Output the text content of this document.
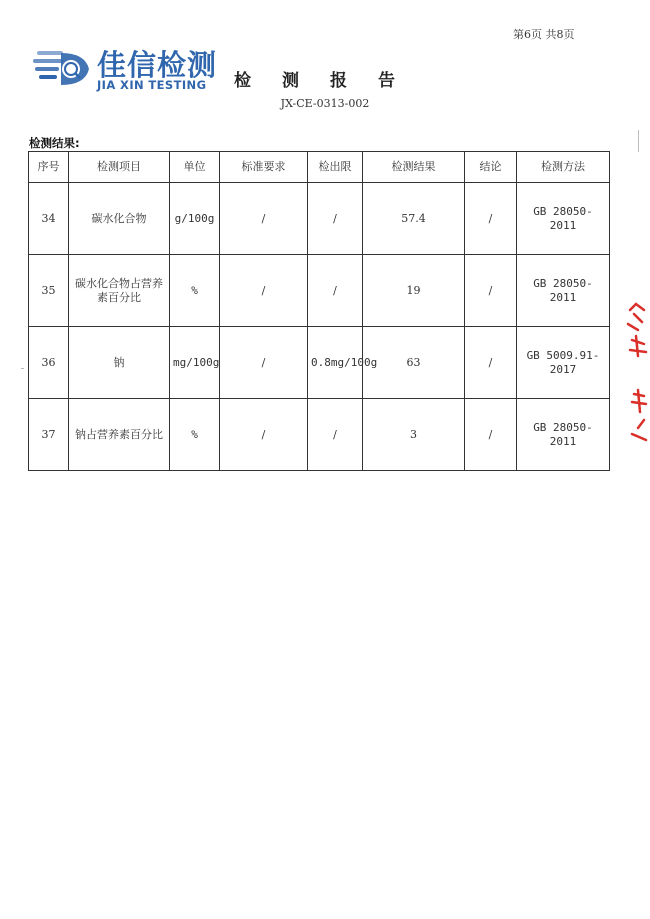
第6页 共8页
佳信检测
JIA XIN TESTING 检测报告
JX-CE-0313-002
检测结果:
序号	检测项目	单位	标准要求	检出限	检测结果	结论	检测方法
34	碳水化合物	g/100g	/	/	57.4	/	GB 28050-2011
35	碳水化合物占营养素百分比	%	/	/	19	/	GB 28050-2011
36	钠	mg/100g	/	0.8mg/100g	63	/	GB 5009.91-2017
37	钠占营养素百分比	%	/	/	3	/	GB 28050-2011
